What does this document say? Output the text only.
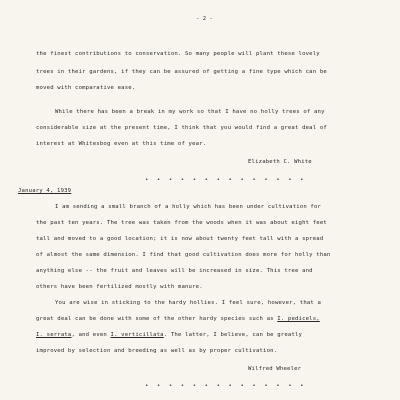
- 2 -
the finest contributions to conservation. So many people will plant these lovely
trees in their gardens, if they can be assured of getting a fine type which can be
moved with comparative ease.
While there has been a break in my work so that I have no holly trees of any
considerable size at the present time, I think that you would find a great deal of
interest at Whitesbog even at this time of year.
Elizabeth C. White
• • • • • • • • • • • • • •
January 4, 1939
I am sending a small branch of a holly which has been under cultivation for
the past ten years. The tree was taken from the woods when it was about eight feet
tall and moved to a good location; it is now about twenty feet tall with a spread
of almost the same dimension. I find that good cultivation does more for holly than
anything else -- the fruit and leaves will be increased in size. This tree and
others have been fertilized mostly with manure.
You are wise in sticking to the hardy hollies. I feel sure, however, that a
great deal can be done with some of the other hardy species such as I. pedicels,
I. serrata, and even I. verticillata. The latter, I believe, can be greatly
improved by selection and breeding as well as by proper cultivation.
Wilfred Wheeler
• • • • • • • • • • • • • •
